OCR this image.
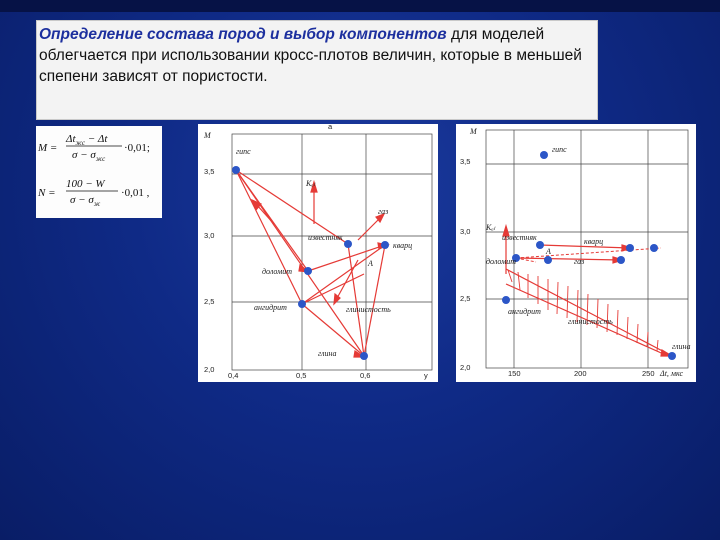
Определение состава пород и выбор компонентов для моделей облегчается при использовании кросс-плотов величин, которые в меньшей спепени зависят от пористости.

M =
$\Delta t_{жс} - \Delta t$
$\sigma - \sigma_{жс}$
·0,01;
N =
100 − W
$\sigma - \sigma_ж$
·0,01 ,
M
а
3,5
3,0
2,5
2,0
0,4	0,5	0,6	у
гипс
известняк
кварц
доломит
ангидрит	глинистость
глина
газ
Кₐₗ
А
M
3,5
3,0
2,5
2,0
150	200	250 Δt, мкс
гипс
известняк	кварц
доломит
ангидрит
глинистость
глина
газ
Кₐₗ
А
